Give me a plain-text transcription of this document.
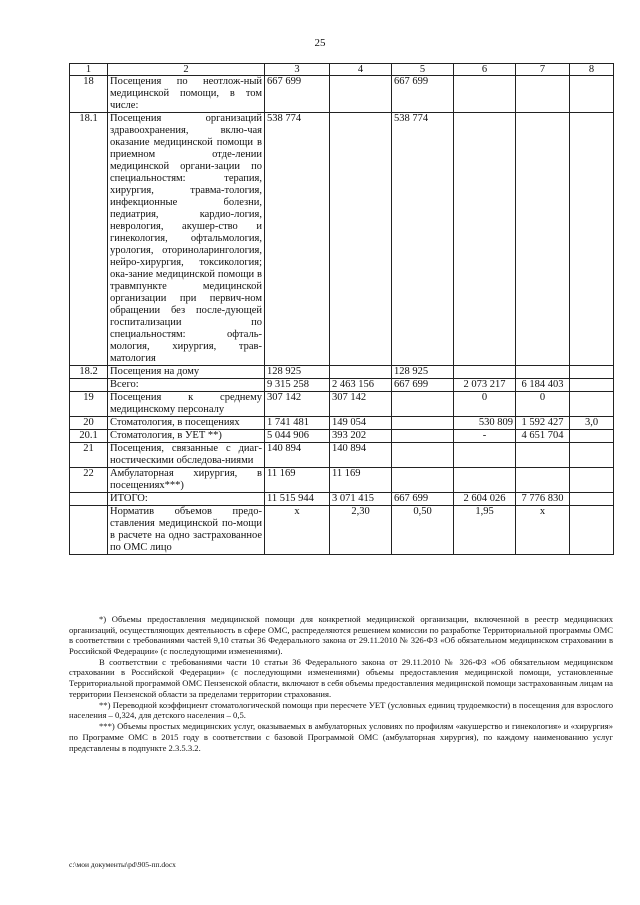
25
1	2	3	4	5	6	7	8
18	Посещения по неотлож-ный медицинской помощи, в том числе:	667 699		667 699			
18.1	Посещения организаций здравоохранения, вклю-чая оказание медицинской помощи в приемном отде-лении медицинской органи-зации по специальностям: терапия, хирургия, травма-тология, инфекционные болезни, педиатрия, кардио-логия, неврология, акушер-ство и гинекология, офтальмология, урология, оториноларингология, нейро-хирургия, токсикология; ока-зание медицинской помощи в травмпункте медицинской организации при первич-ном обращении без после-дующей госпитализации по специальностям: офталь-мология, хирургия, трав-матология	538 774		538 774			
18.2	Посещения на дому	128 925		128 925			
	Всего:	9 315 258	2 463 156	667 699	2 073 217	6 184 403	
19	Посещения к среднему медицинскому персоналу	307 142	307 142		0	0	
20	Стоматология, в посещениях	1 741 481	149 054		530 809	1 592 427	3,0
20.1	Стоматология, в УЕТ **)	5 044 906	393 202		-	4 651 704	
21	Посещения, связанные с диаг-ностическими обследова-ниями	140 894	140 894				
22	Амбулаторная хирургия, в посещениях***)	11 169	11 169				
	ИТОГО:	11 515 944	3 071 415	667 699	2 604 026	7 776 830	
	Норматив объемов предо-ставления медицинской по-мощи в расчете на одно застрахованное по ОМС лицо	х	2,30	0,50	1,95	х	

*) Объемы предоставления медицинской помощи для конкретной медицинской организации, включенной в реестр медицинских организаций, осуществляющих деятельность в сфере ОМС, распределяются решением комиссии по разработке Территориальной программы ОМС в соответствии с требованиями частей 9,10 статьи 36 Федерального закона от 29.11.2010 № 326-ФЗ «Об обязательном медицинском страховании в Российской Федерации» (с последующими изменениями).

В соответствии с требованиями части 10 статьи 36 Федерального закона от 29.11.2010 № 326-ФЗ «Об обязательном медицинском страховании в Российской Федерации» (с последующими изменениями) объемы предоставления медицинской помощи, установленные Территориальной программой ОМС Пензенской области, включают в себя объемы предоставления медицинской помощи застрахованным лицам на территории Пензенской области за пределами территории страхования.

**) Переводной коэффициент стоматологической помощи при пересчете УЕТ (условных единиц трудоемкости) в посещения для взрослого населения – 0,324, для детского населения – 0,5.

***) Объемы простых медицинских услуг, оказываемых в амбулаторных условиях по профилям «акушерство и гинекология» и «хирургия» по Программе ОМС в 2015 году в соответствии с базовой Программой ОМС (амбулаторная хирургия), по каждому наименованию услуг представлены в подпункте 2.3.5.3.2.

c:\мои документы\pd\905-пп.docx
